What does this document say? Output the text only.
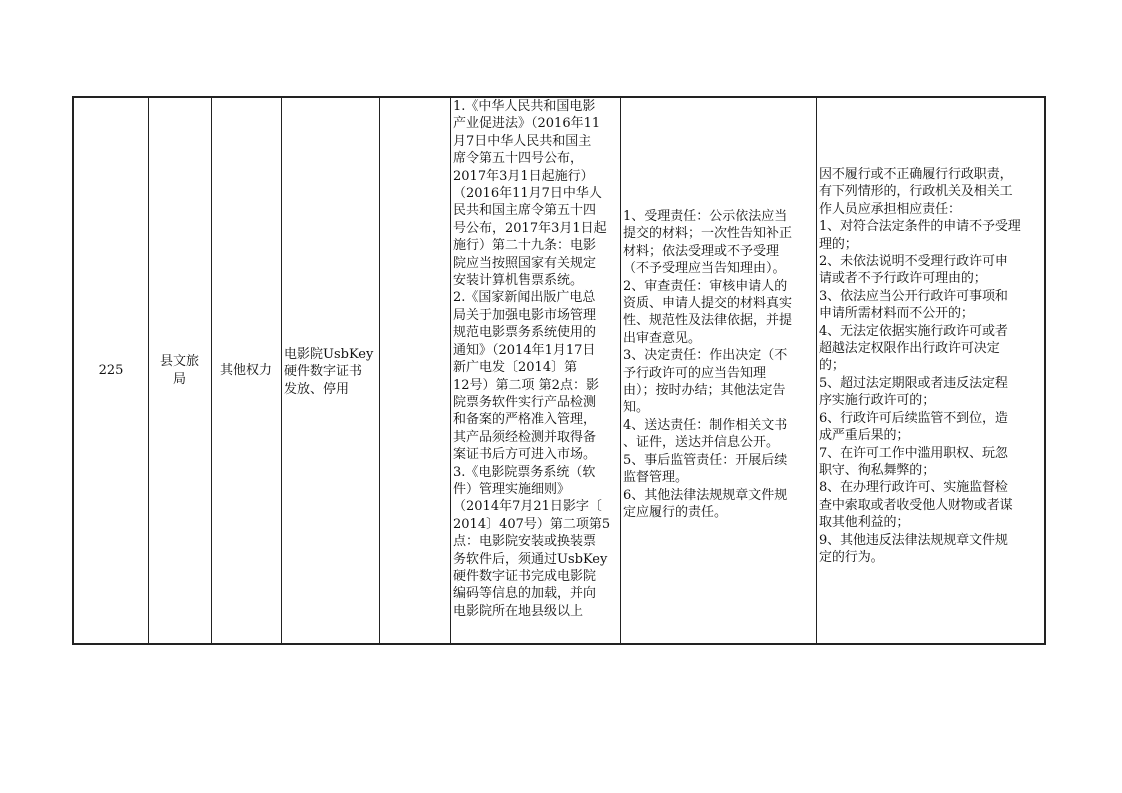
225
县文旅局
其他权力
电影院UsbKey
硬件数字证书
发放、停用
1.《中华人民共和国电影
产业促进法》（2016年11
月7日中华人民共和国主
席令第五十四号公布，
2017年3月1日起施行）
（2016年11月7日中华人
民共和国主席令第五十四
号公布，2017年3月1日起
施行）第二十九条：电影
院应当按照国家有关规定
安装计算机售票系统。
2.《国家新闻出版广电总
局关于加强电影市场管理
规范电影票务系统使用的
通知》（2014年1月17日
新广电发〔2014〕第
12号）第二项 第2点：影
院票务软件实行产品检测
和备案的严格准入管理，
其产品须经检测并取得备
案证书后方可进入市场。
3.《电影院票务系统（软
件）管理实施细则》
（2014年7月21日影字〔
2014〕407号）第二项第5
点：电影院安装或换装票
务软件后，须通过UsbKey
硬件数字证书完成电影院
编码等信息的加载，并向
电影院所在地县级以上
1、受理责任：公示依法应当
提交的材料；一次性告知补正
材料；依法受理或不予受理
（不予受理应当告知理由）。
2、审查责任：审核申请人的
资质、申请人提交的材料真实
性、规范性及法律依据，并提
出审查意见。
3、决定责任：作出决定（不
予行政许可的应当告知理
由）；按时办结；其他法定告
知。
4、送达责任：制作相关文书
、证件，送达并信息公开。
5、事后监管责任：开展后续
监督管理。
6、其他法律法规规章文件规
定应履行的责任。
因不履行或不正确履行行政职责，
有下列情形的，行政机关及相关工
作人员应承担相应责任：
1、对符合法定条件的申请不予受理
理的；
2、未依法说明不受理行政许可申
请或者不予行政许可理由的；
3、依法应当公开行政许可事项和
申请所需材料而不公开的；
4、无法定依据实施行政许可或者
超越法定权限作出行政许可决定
的；
5、超过法定期限或者违反法定程
序实施行政许可的；
6、行政许可后续监管不到位，造
成严重后果的；
7、在许可工作中滥用职权、玩忽
职守、徇私舞弊的；
8、在办理行政许可、实施监督检
查中索取或者收受他人财物或者谋
取其他利益的；
9、其他违反法律法规规章文件规
定的行为。
